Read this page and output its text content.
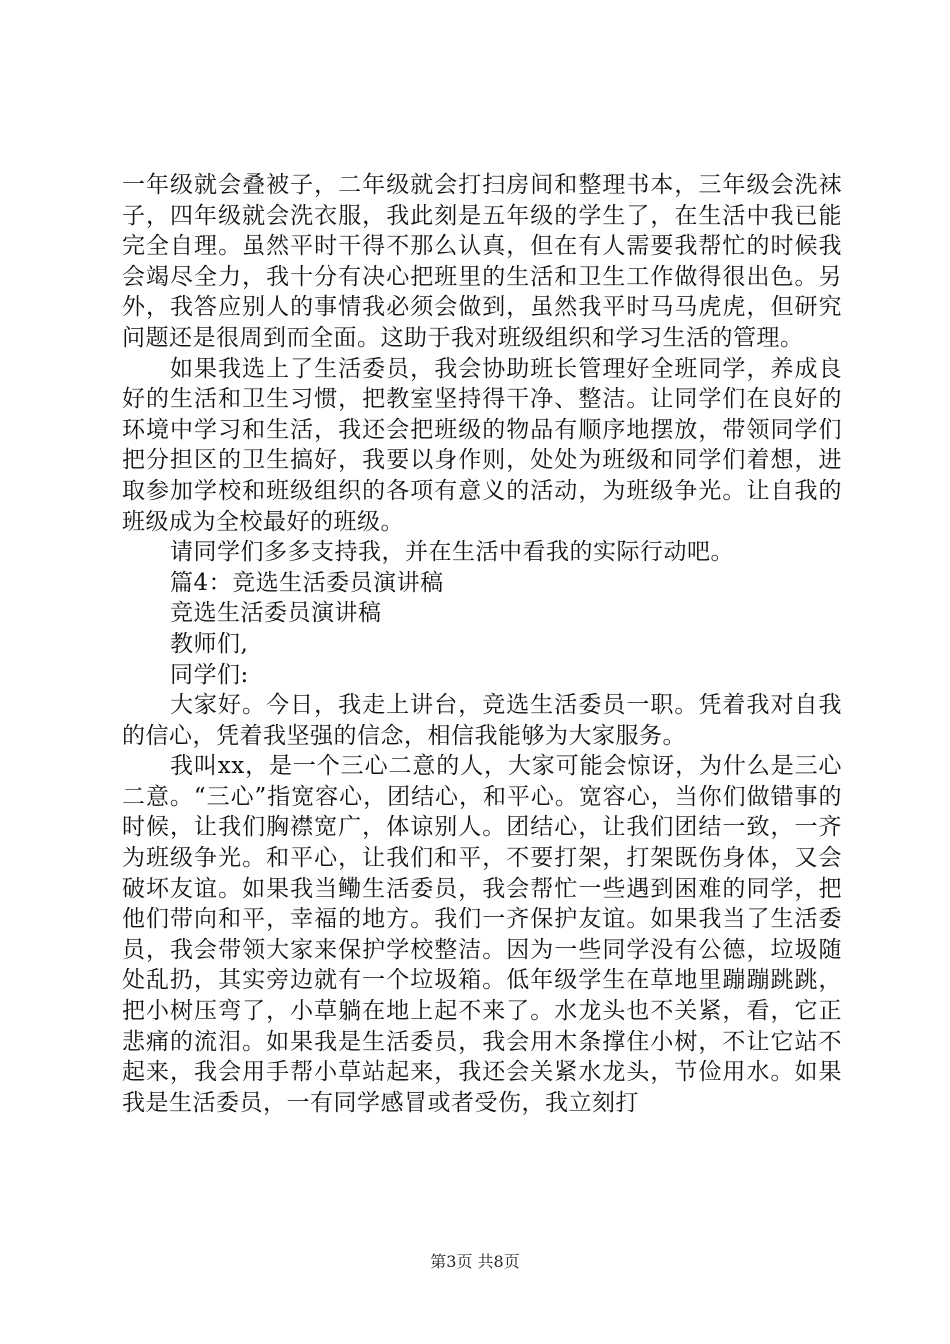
一年级就会叠被子，二年级就会打扫房间和整理书本，三年级会洗袜子，四年级就会洗衣服，我此刻是五年级的学生了，在生活中我已能完全自理。虽然平时干得不那么认真，但在有人需要我帮忙的时候我会竭尽全力，我十分有决心把班里的生活和卫生工作做得很出色。另外，我答应别人的事情我必须会做到，虽然我平时马马虎虎，但研究问题还是很周到而全面。这助于我对班级组织和学习生活的管理。

如果我选上了生活委员，我会协助班长管理好全班同学，养成良好的生活和卫生习惯，把教室坚持得干净、整洁。让同学们在良好的环境中学习和生活，我还会把班级的物品有顺序地摆放，带领同学们把分担区的卫生搞好，我要以身作则，处处为班级和同学们着想，进取参加学校和班级组织的各项有意义的活动，为班级争光。让自我的班级成为全校最好的班级。

请同学们多多支持我，并在生活中看我的实际行动吧。

篇4：竞选生活委员演讲稿

竞选生活委员演讲稿

教师们,

同学们:

大家好。今日，我走上讲台，竞选生活委员一职。凭着我对自我的信心，凭着我坚强的信念，相信我能够为大家服务。

我叫xx，是一个三心二意的人，大家可能会惊讶，为什么是三心二意。“三心”指宽容心，团结心，和平心。宽容心，当你们做错事的时候，让我们胸襟宽广，体谅别人。团结心，让我们团结一致，一齐为班级争光。和平心，让我们和平，不要打架，打架既伤身体，又会破坏友谊。如果我当鳓生活委员，我会帮忙一些遇到困难的同学，把他们带向和平，幸福的地方。我们一齐保护友谊。如果我当了生活委员，我会带领大家来保护学校整洁。因为一些同学没有公德，垃圾随处乱扔，其实旁边就有一个垃圾箱。低年级学生在草地里蹦蹦跳跳，把小树压弯了，小草躺在地上起不来了。水龙头也不关紧，看，它正悲痛的流泪。如果我是生活委员，我会用木条撑住小树，不让它站不起来，我会用手帮小草站起来，我还会关紧水龙头，节俭用水。如果我是生活委员，一有同学感冒或者受伤，我立刻打

第3页 共8页
